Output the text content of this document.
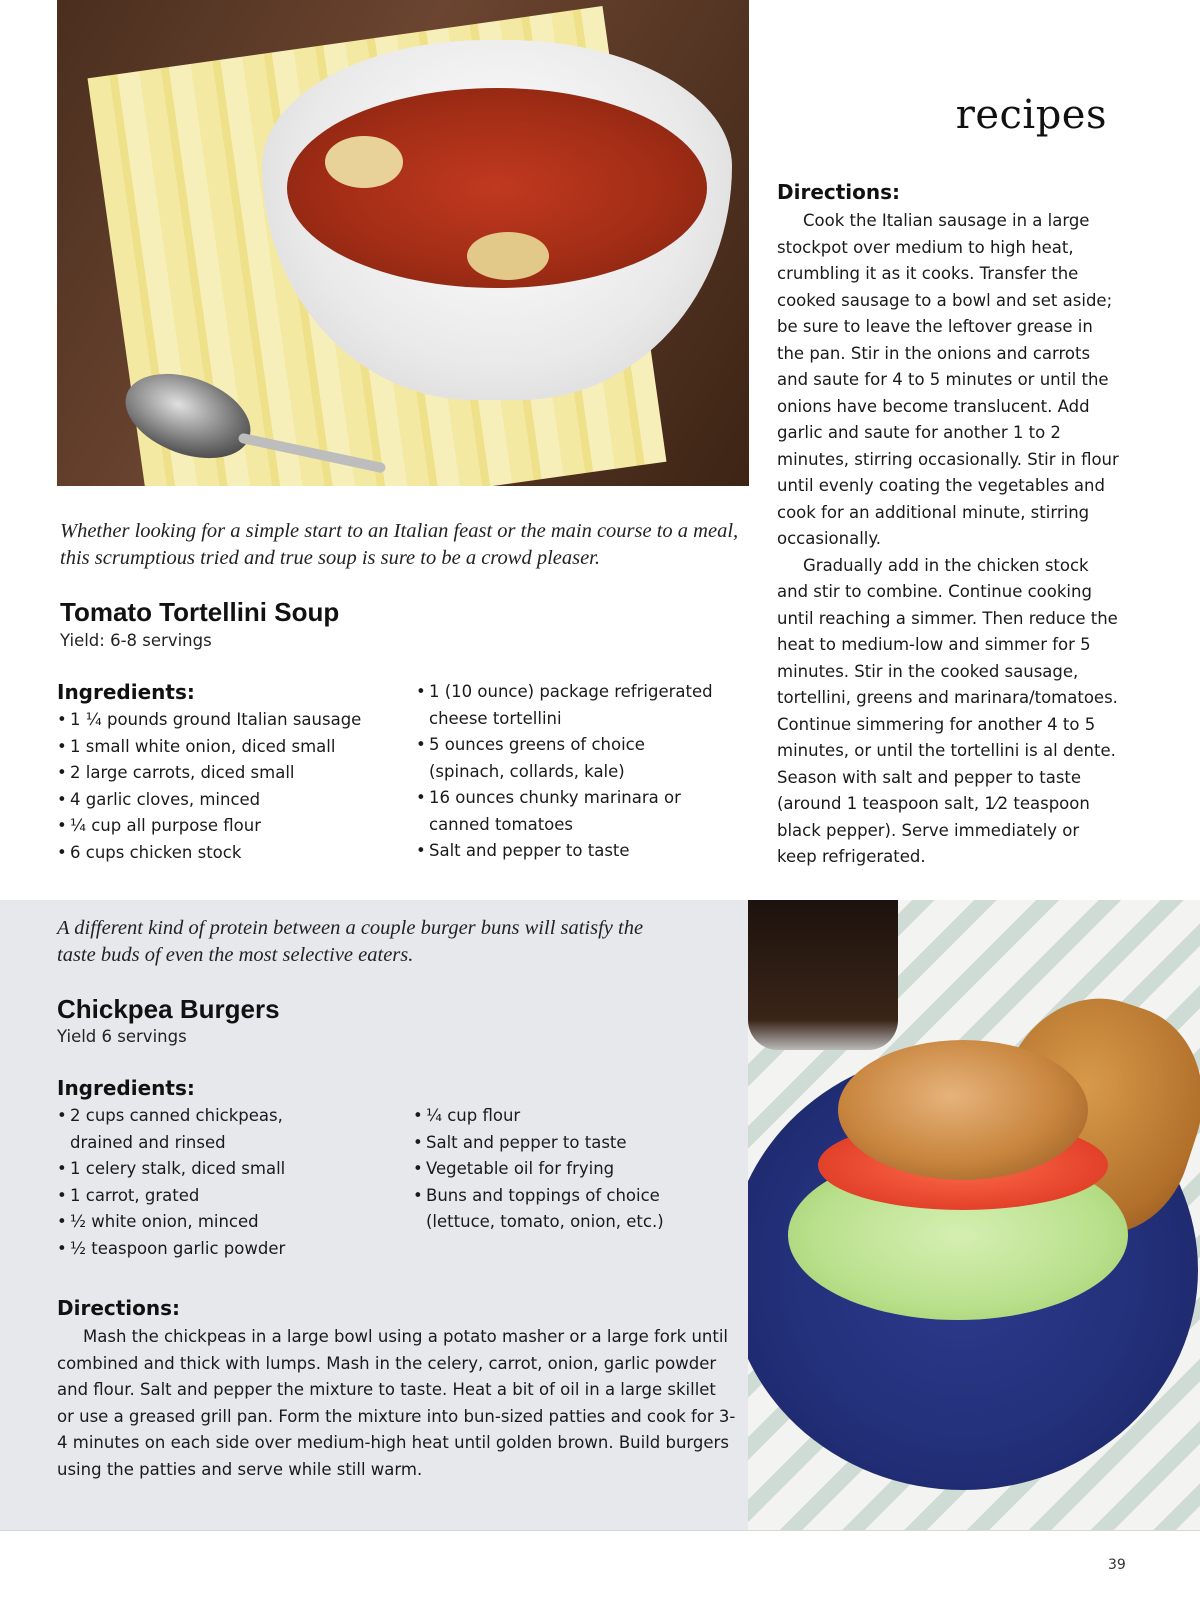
recipes
Directions:

Cook the Italian sausage in a large stockpot over medium to high heat, crumbling it as it cooks. Transfer the cooked sausage to a bowl and set aside; be sure to leave the leftover grease in the pan. Stir in the onions and carrots and saute for 4 to 5 minutes or until the onions have become translucent. Add garlic and saute for another 1 to 2 minutes, stirring occasionally. Stir in flour until evenly coating the vegetables and cook for an additional minute, stirring occasionally.

Gradually add in the chicken stock and stir to combine. Continue cooking until reaching a simmer. Then reduce the heat to medium-low and simmer for 5 minutes. Stir in the cooked sausage, tortellini, greens and marinara/tomatoes. Continue simmering for another 4 to 5 minutes, or until the tortellini is al dente. Season with salt and pepper to taste (around 1 teaspoon salt, 1⁄2 teaspoon black pepper). Serve immediately or keep refrigerated.

Whether looking for a simple start to an Italian feast or the main course to a meal, this scrumptious tried and true soup is sure to be a crowd pleaser.
Tomato Tortellini Soup
Yield: 6-8 servings
Ingredients:
• 1 ¼ pounds ground Italian sausage
• 1 small white onion, diced small
• 2 large carrots, diced small
• 4 garlic cloves, minced
• ¼ cup all purpose flour
• 6 cups chicken stock
• 1 (10 ounce) package refrigerated cheese tortellini
• 5 ounces greens of choice (spinach, collards, kale)
• 16 ounces chunky marinara or canned tomatoes
• Salt and pepper to taste
A different kind of protein between a couple burger buns will satisfy the taste buds of even the most selective eaters.
Chickpea Burgers
Yield 6 servings
Ingredients:
• 2 cups canned chickpeas, drained and rinsed
• 1 celery stalk, diced small
• 1 carrot, grated
• ½ white onion, minced
• ½ teaspoon garlic powder
• ¼ cup flour
• Salt and pepper to taste
• Vegetable oil for frying
• Buns and toppings of choice (lettuce, tomato, onion, etc.)
Directions:

Mash the chickpeas in a large bowl using a potato masher or a large fork until combined and thick with lumps. Mash in the celery, carrot, onion, garlic powder and flour. Salt and pepper the mixture to taste. Heat a bit of oil in a large skillet or use a greased grill pan. Form the mixture into bun-sized patties and cook for 3-4 minutes on each side over medium-high heat until golden brown. Build burgers using the patties and serve while still warm.

39
